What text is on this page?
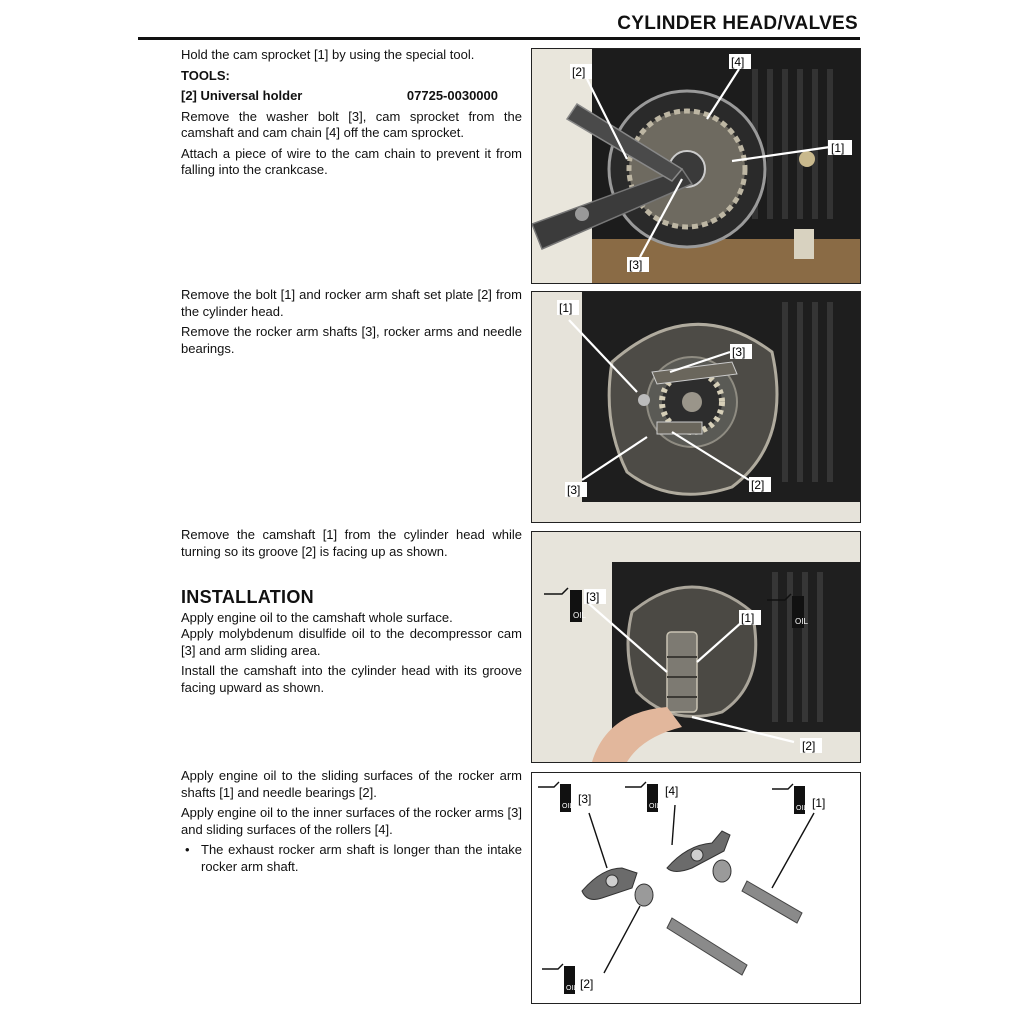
CYLINDER HEAD/VALVES

Hold the cam sprocket [1] by using the special tool.

TOOLS:

[2] Universal holder	07725-0030000

Remove the washer bolt [3], cam sprocket from the camshaft and cam chain [4] off the cam sprocket.

Attach a piece of wire to the cam chain to prevent it from falling into the crankcase.

Remove the bolt [1] and rocker arm shaft set plate [2] from the cylinder head.

Remove the rocker arm shafts [3], rocker arms and needle bearings.

Remove the camshaft [1] from the cylinder head while turning so its groove [2] is facing up as shown.

INSTALLATION

Apply engine oil to the camshaft whole surface.

Apply molybdenum disulfide oil to the decompressor cam [3] and arm sliding area.

Install the camshaft into the cylinder head with its groove facing upward as shown.

Apply engine oil to the sliding surfaces of the rocker arm shafts [1] and needle bearings [2].

Apply engine oil to the inner surfaces of the rocker arms [3] and sliding surfaces of the rollers [4].

• The exhaust rocker arm shaft is longer than the intake rocker arm shaft.
[2]
[4]
[1]
[3]
[1]
[3]
[3]	[2]
[3]
[1]
[2]
OIL
OIL
[3]
[4]
[1]
[2]
OIL	OIL	OIL
OIL
